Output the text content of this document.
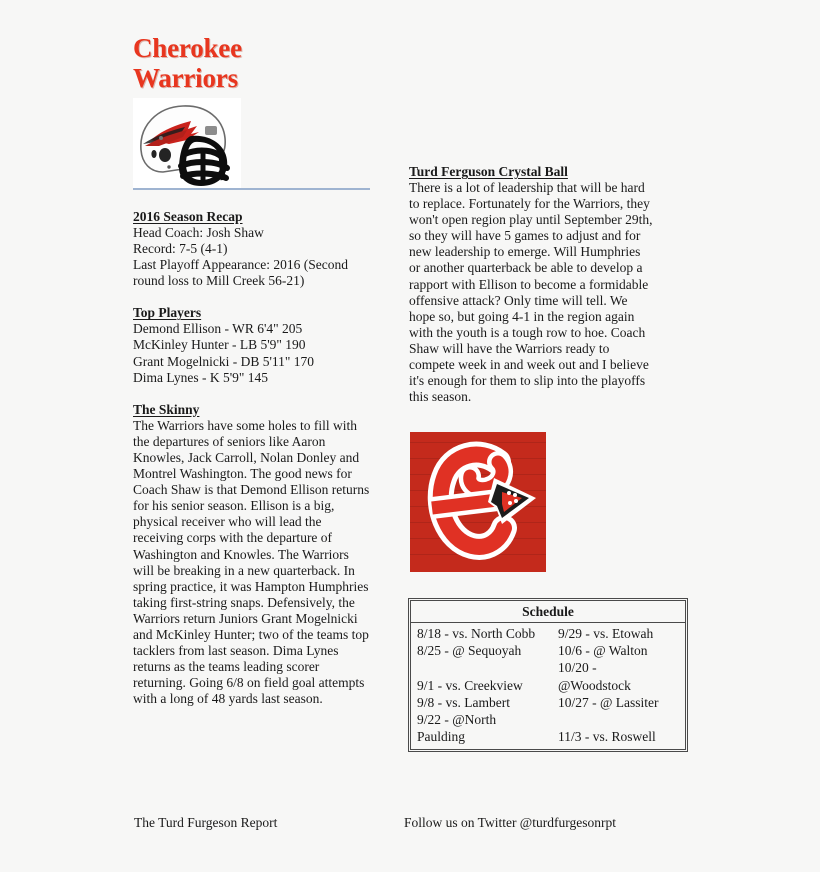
Cherokee
Warriors
2016 Season Recap
Head Coach: Josh Shaw
Record: 7-5 (4-1)
Last Playoff Appearance: 2016 (Second round loss to Mill Creek 56-21)
Top Players
Demond Ellison - WR 6'4" 205
McKinley Hunter - LB 5'9" 190
Grant Mogelnicki - DB 5'11" 170
Dima Lynes - K 5'9" 145
The Skinny

The Warriors have some holes to fill with the departures of seniors like Aaron Knowles, Jack Carroll, Nolan Donley and Montrel Washington. The good news for Coach Shaw is that Demond Ellison returns for his senior season. Ellison is a big, physical receiver who will lead the receiving corps with the departure of Washington and Knowles. The Warriors will be breaking in a new quarterback. In spring practice, it was Hampton Humphries taking first-string snaps. Defensively, the Warriors return Juniors Grant Mogelnicki and McKinley Hunter; two of the teams top tacklers from last season. Dima Lynes returns as the teams leading scorer returning. Going 6/8 on field goal attempts with a long of 48 yards last season.

Turd Ferguson Crystal Ball

There is a lot of leadership that will be hard to replace. Fortunately for the Warriors, they won't open region play until September 29th, so they will have 5 games to adjust and for new leadership to emerge. Will Humphries or another quarterback be able to develop a rapport with Ellison to become a formidable offensive attack? Only time will tell. We hope so, but going 4-1 in the region again with the youth is a tough row to hoe. Coach Shaw will have the Warriors ready to compete week in and week out and I believe it's enough for them to slip into the playoffs this season.

Schedule
8/18 - vs. North Cobb
8/25 - @ Sequoyah

9/1 - vs. Creekview
9/8 - vs. Lambert
9/22 - @North
Paulding
9/29 - vs. Etowah
10/6 - @ Walton
10/20 -
@Woodstock
10/27 - @ Lassiter

11/3 - vs. Roswell
The Turd Furgeson Report	Follow us on Twitter @turdfurgesonrpt
